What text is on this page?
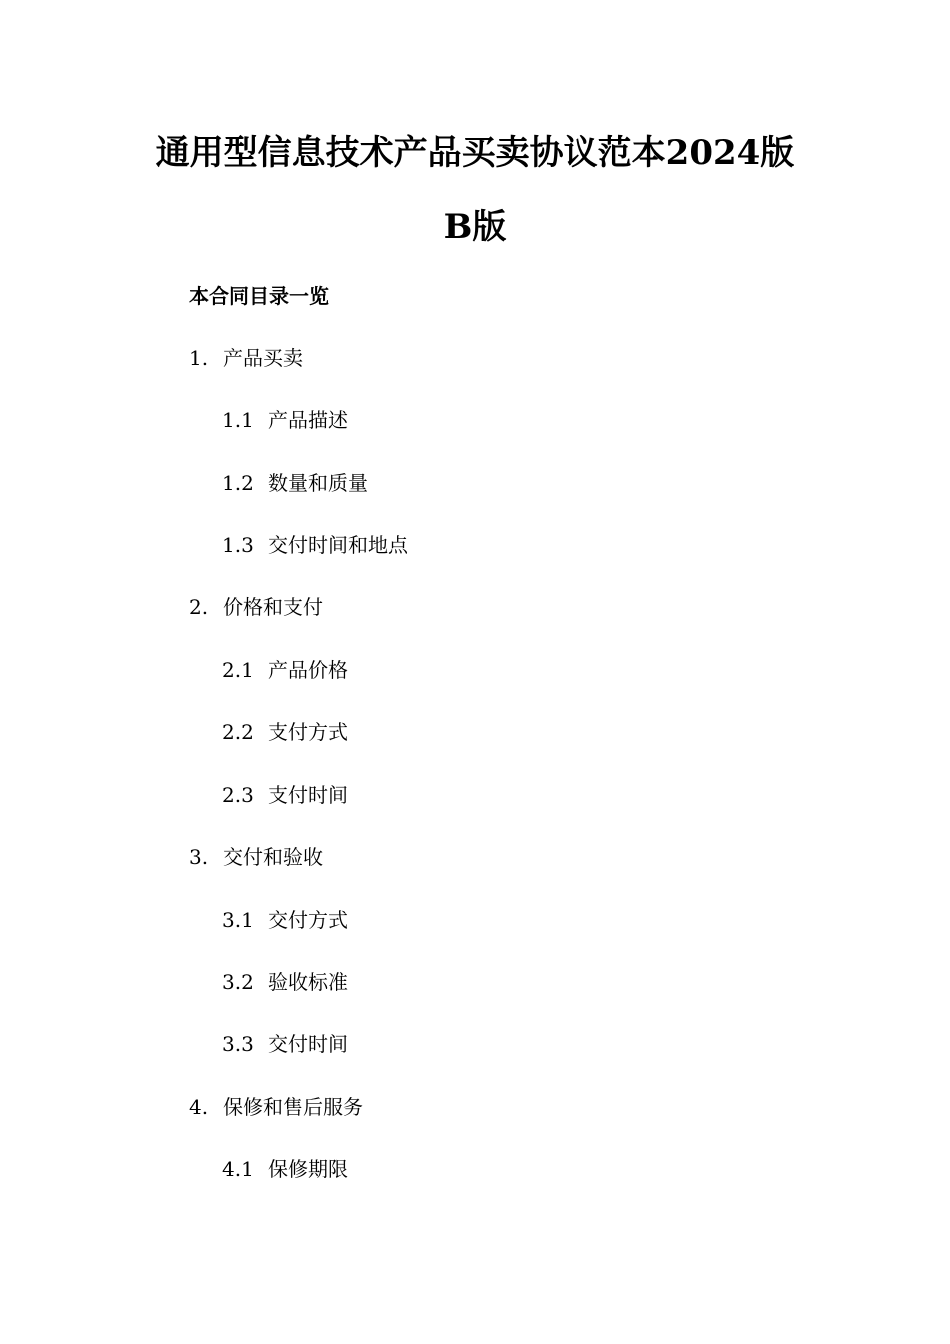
通用型信息技术产品买卖协议范本2024版
B版
本合同目录一览
1. 产品买卖
1.1 产品描述
1.2 数量和质量
1.3 交付时间和地点
2. 价格和支付
2.1 产品价格
2.2 支付方式
2.3 支付时间
3. 交付和验收
3.1 交付方式
3.2 验收标准
3.3 交付时间
4. 保修和售后服务
4.1 保修期限
